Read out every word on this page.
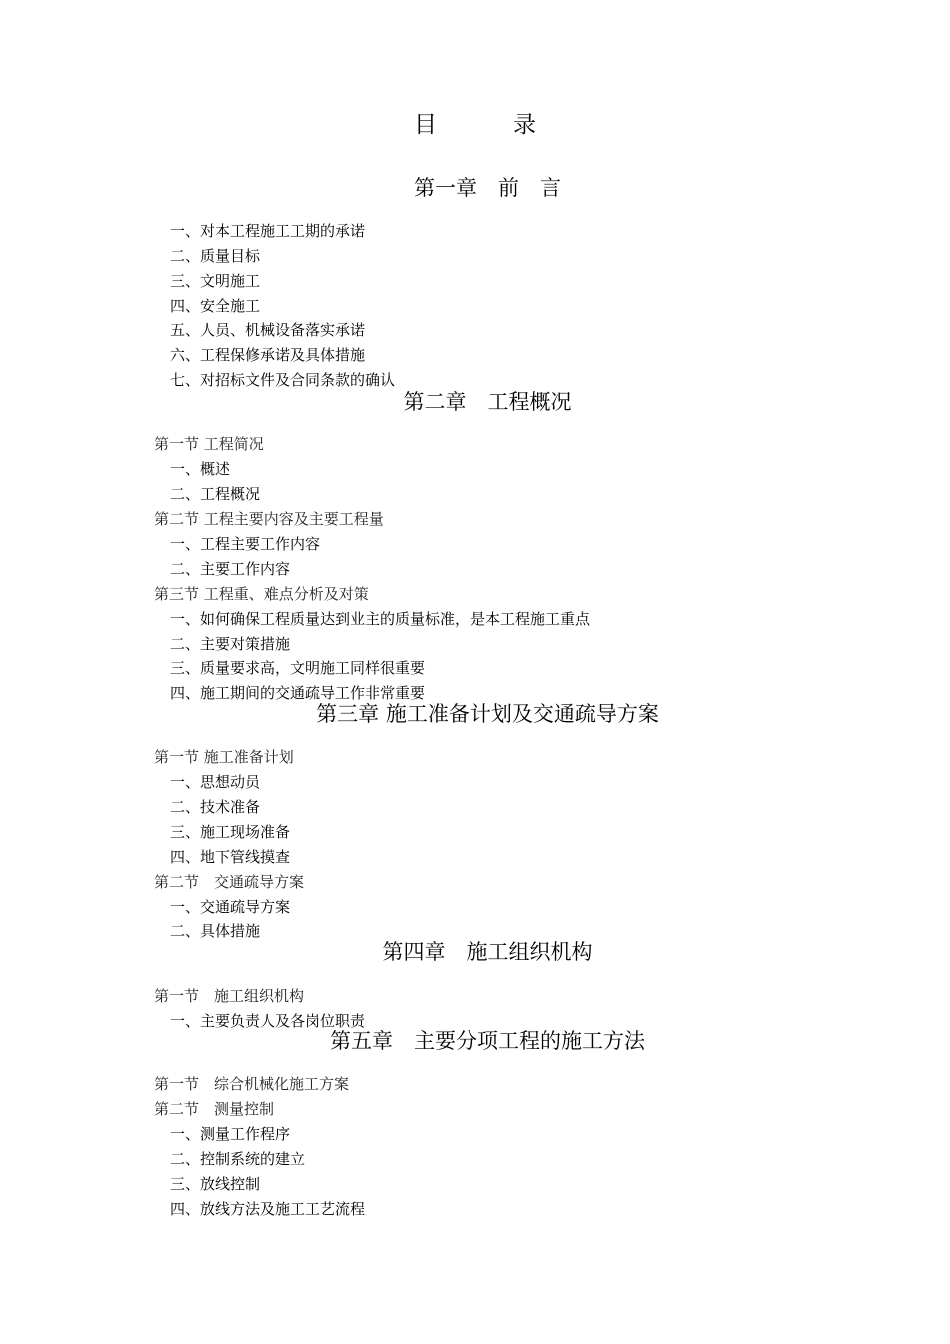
目	录
第一章　前　言
一、对本工程施工工期的承诺
二、质量目标
三、文明施工
四、安全施工
五、人员、机械设备落实承诺
六、工程保修承诺及具体措施
七、对招标文件及合同条款的确认
第二章　工程概况
第一节 工程简况
一、概述
二、工程概况
第二节 工程主要内容及主要工程量
一、工程主要工作内容
二、主要工作内容
第三节 工程重、难点分析及对策
一、如何确保工程质量达到业主的质量标准，是本工程施工重点
二、主要对策措施
三、质量要求高，文明施工同样很重要
四、施工期间的交通疏导工作非常重要
第三章 施工准备计划及交通疏导方案
第一节 施工准备计划
一、思想动员
二、技术准备
三、施工现场准备
四、地下管线摸查
第二节　交通疏导方案
一、交通疏导方案
二、具体措施
第四章　施工组织机构
第一节　施工组织机构
一、主要负责人及各岗位职责
第五章　主要分项工程的施工方法
第一节　综合机械化施工方案
第二节　测量控制
一、测量工作程序
二、控制系统的建立
三、放线控制
四、放线方法及施工工艺流程
